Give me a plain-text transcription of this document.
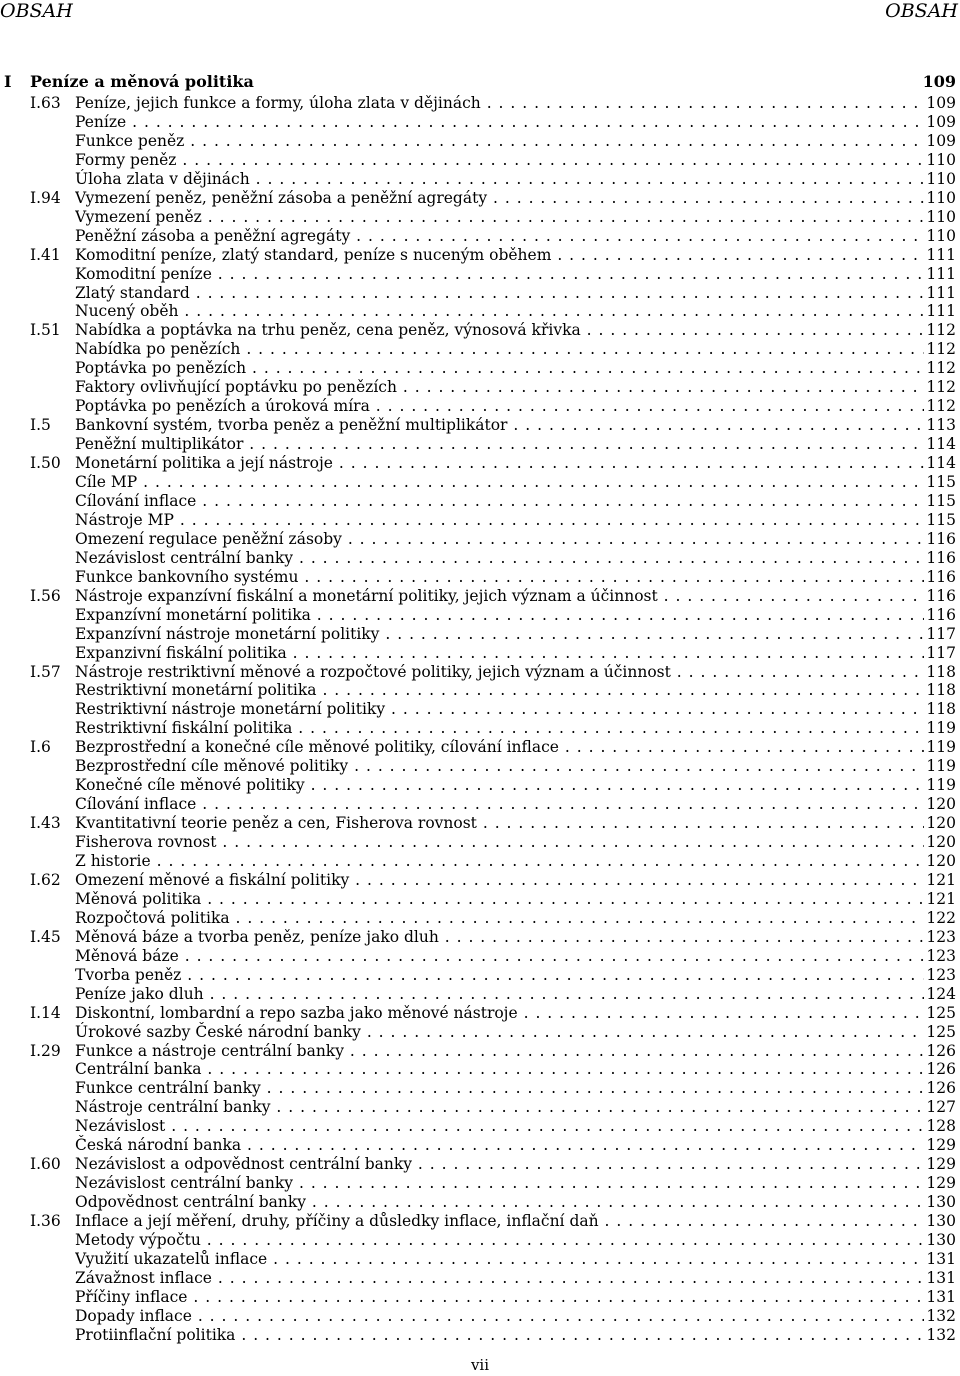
OBSAH	OBSAH
I Peníze a měnová politika	109
I.63 Peníze, jejich funkce a formy, úloha zlata v dějinách . . .	109
Peníze . . .	109
Funkce peněz . . .	109
Formy peněz . . .	110
Úloha zlata v dějinách . . .	110
I.94 Vymezení peněz, peněžní zásoba a peněžní agregáty . . .	110
Vymezení peněz . . .	110
Peněžní zásoba a peněžní agregáty . . .	110
I.41 Komoditní peníze, zlatý standard, peníze s nuceným oběhem . . .	111
Komoditní peníze . . .	111
Zlatý standard . . .	111
Nucený oběh . . .	111
I.51 Nabídka a poptávka na trhu peněz, cena peněz, výnosová křivka . . .	112
Nabídka po penězích . . .	112
Poptávka po penězích . . .	112
Faktory ovlivňující poptávku po penězích . . .	112
Poptávka po penězích a úroková míra . . .	112
I.5 Bankovní systém, tvorba peněz a peněžní multiplikátor . . .	113
Peněžní multiplikátor . . .	114
I.50 Monetární politika a její nástroje . . .	114
Cíle MP . . .	115
Cílování inflace . . .	115
Nástroje MP . . .	115
Omezení regulace peněžní zásoby . . .	116
Nezávislost centrální banky . . .	116
Funkce bankovního systému . . .	116
I.56 Nástroje expanzívní fiskální a monetární politiky, jejich význam a účinnost . . .	116
Expanzívní monetární politika . . .	116
Expanzívní nástroje monetární politiky . . .	117
Expanzivní fiskální politika . . .	117
I.57 Nástroje restriktivní měnové a rozpočtové politiky, jejich význam a účinnost . . .	118
Restriktivní monetární politika . . .	118
Restriktivní nástroje monetární politiky . . .	118
Restriktivní fiskální politika . . .	119
I.6 Bezprostřední a konečné cíle měnové politiky, cílování inflace . . .	119
Bezprostřední cíle měnové politiky . . .	119
Konečné cíle měnové politiky . . .	119
Cílování inflace . . .	120
I.43 Kvantitativní teorie peněz a cen, Fisherova rovnost . . .	120
Fisherova rovnost . . .	120
Z historie . . .	120
I.62 Omezení měnové a fiskální politiky . . .	121
Měnová politika . . .	121
Rozpočtová politika . . .	122
I.45 Měnová báze a tvorba peněz, peníze jako dluh . . .	123
Měnová báze . . .	123
Tvorba peněz . . .	123
Peníze jako dluh . . .	124
I.14 Diskontní, lombardní a repo sazba jako měnové nástroje . . .	125
Úrokové sazby České národní banky . . .	125
I.29 Funkce a nástroje centrální banky . . .	126
Centrální banka . . .	126
Funkce centrální banky . . .	126
Nástroje centrální banky . . .	127
Nezávislost . . .	128
Česká národní banka . . .	129
I.60 Nezávislost a odpovědnost centrální banky . . .	129
Nezávislost centrální banky . . .	129
Odpovědnost centrální banky . . .	130
I.36 Inflace a její měření, druhy, příčiny a důsledky inflace, inflační daň . . .	130
Metody výpočtu . . .	130
Využití ukazatelů inflace . . .	131
Závažnost inflace . . .	131
Příčiny inflace . . .	131
Dopady inflace . . .	132
Protiinflační politika . . .	132
vii
